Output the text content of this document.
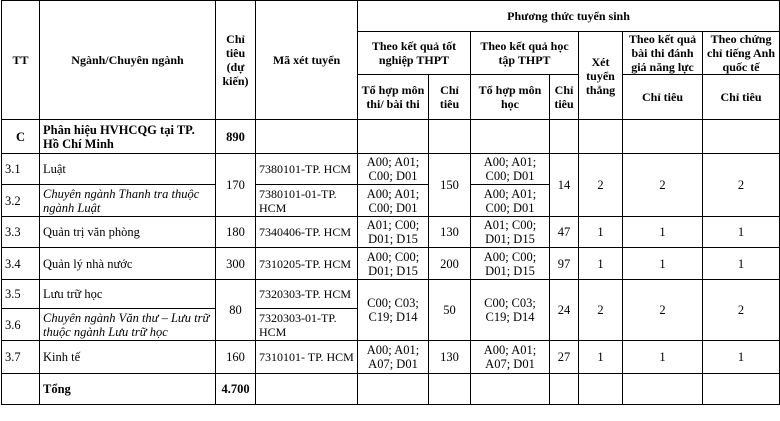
TT	Ngành/Chuyên ngành	Chỉ tiêu (dự kiến)	Mã xét tuyển	Phương thức tuyển sinh						
				Theo kết quả tốt nghiệp THPT		Theo kết quả học tập THPT		Xét tuyển thẳng	Theo kết quả bài thi đánh giá năng lực	Theo chứng chỉ tiếng Anh quốc tế
				Tổ hợp môn thi/ bài thi	Chỉ tiêu	Tổ hợp môn học	Chỉ tiêu		Chỉ tiêu	Chỉ tiêu
C	Phân hiệu HVHCQG tại TP. Hồ Chí Minh	890								
3.1	Luật	170	7380101-TP. HCM	A00; A01; C00; D01	150	A00; A01; C00; D01	14	2	2	2
3.2	Chuyên ngành Thanh tra thuộc ngành Luật		7380101-01-TP. HCM	A00; A01; C00; D01		A00; A01; C00; D01				
3.3	Quản trị văn phòng	180	7340406-TP. HCM	A01; C00; D01; D15	130	A01; C00; D01; D15	47	1	1	1
3.4	Quản lý nhà nước	300	7310205-TP. HCM	A00; C00; D01; D15	200	A00; C00; D01; D15	97	1	1	1
3.5	Lưu trữ học	80	7320303-TP. HCM	C00; C03; C19; D14	50	C00; C03; C19; D14	24	2	2	2
3.6	Chuyên ngành Văn thư – Lưu trữ thuộc ngành Lưu trữ học		7320303-01-TP. HCM							
3.7	Kinh tế	160	7310101- TP. HCM	A00; A01; A07; D01	130	A00; A01; A07; D01	27	1	1	1
	Tổng	4.700								
